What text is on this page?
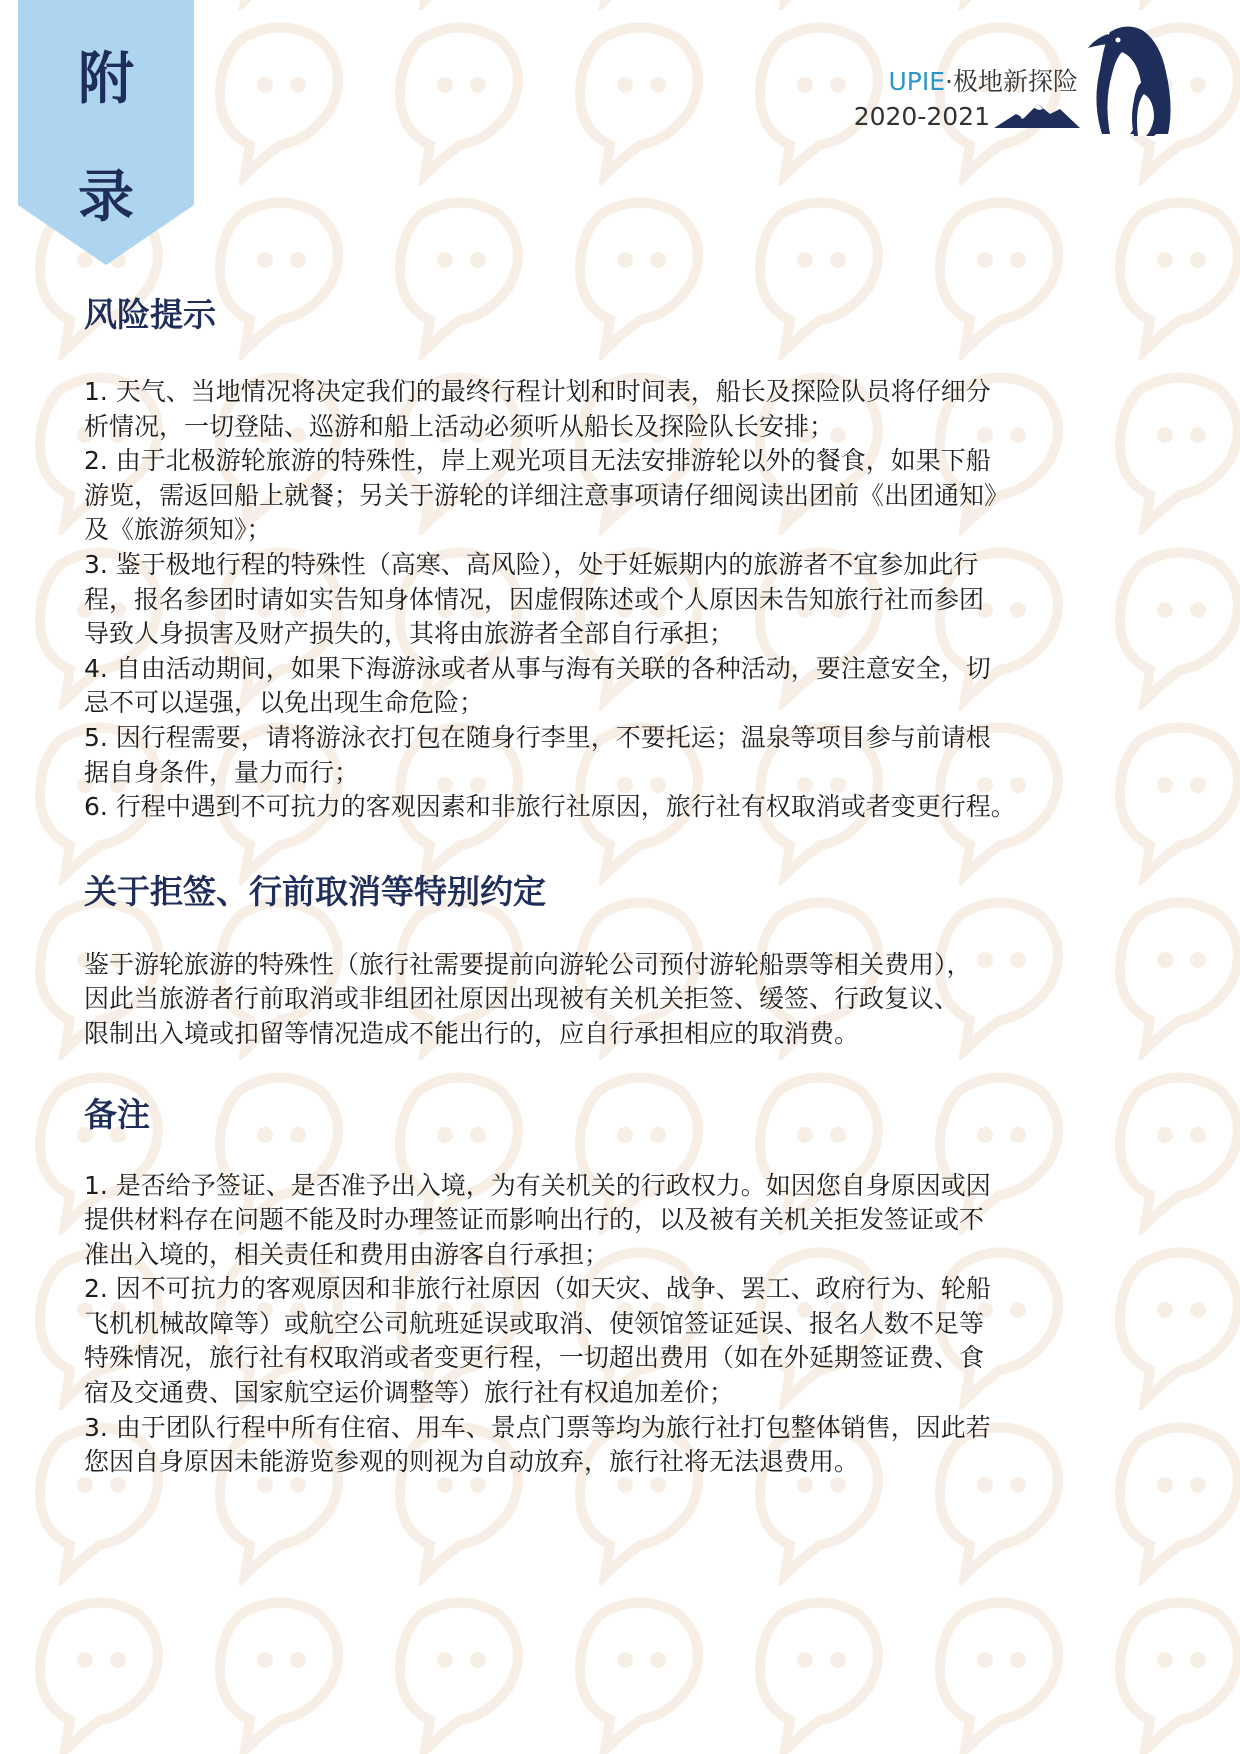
附
录
UPIE·极地新探险
2020-2021
风险提示

1. 天气、当地情况将决定我们的最终行程计划和时间表，船长及探险队员将仔细分

析情况，一切登陆、巡游和船上活动必须听从船长及探险队长安排；

2. 由于北极游轮旅游的特殊性，岸上观光项目无法安排游轮以外的餐食，如果下船

游览，需返回船上就餐；另关于游轮的详细注意事项请仔细阅读出团前《出团通知》

及《旅游须知》；

3. 鉴于极地行程的特殊性（高寒、高风险），处于妊娠期内的旅游者不宜参加此行

程，报名参团时请如实告知身体情况，因虚假陈述或个人原因未告知旅行社而参团

导致人身损害及财产损失的，其将由旅游者全部自行承担；

4. 自由活动期间，如果下海游泳或者从事与海有关联的各种活动，要注意安全，切

忌不可以逞强，以免出现生命危险；

5. 因行程需要，请将游泳衣打包在随身行李里，不要托运；温泉等项目参与前请根

据自身条件，量力而行；

6. 行程中遇到不可抗力的客观因素和非旅行社原因，旅行社有权取消或者变更行程。

关于拒签、行前取消等特别约定

鉴于游轮旅游的特殊性（旅行社需要提前向游轮公司预付游轮船票等相关费用），

因此当旅游者行前取消或非组团社原因出现被有关机关拒签、缓签、行政复议、

限制出入境或扣留等情况造成不能出行的，应自行承担相应的取消费。

备注

1. 是否给予签证、是否准予出入境，为有关机关的行政权力。如因您自身原因或因

提供材料存在问题不能及时办理签证而影响出行的，以及被有关机关拒发签证或不

准出入境的，相关责任和费用由游客自行承担；

2. 因不可抗力的客观原因和非旅行社原因（如天灾、战争、罢工、政府行为、轮船

飞机机械故障等）或航空公司航班延误或取消、使领馆签证延误、报名人数不足等

特殊情况，旅行社有权取消或者变更行程，一切超出费用（如在外延期签证费、食

宿及交通费、国家航空运价调整等）旅行社有权追加差价；

3. 由于团队行程中所有住宿、用车、景点门票等均为旅行社打包整体销售，因此若

您因自身原因未能游览参观的则视为自动放弃，旅行社将无法退费用。
